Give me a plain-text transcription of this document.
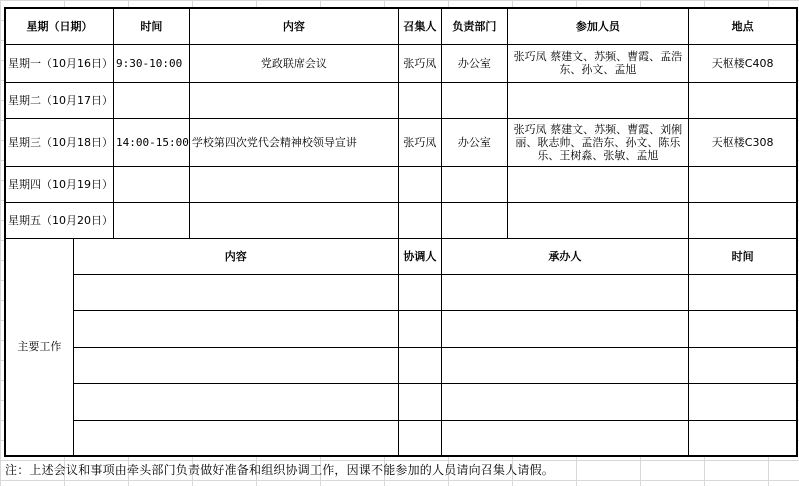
星期（日期）		时间	内容	召集人	负责部门	参加人员	地点
星期一（10月16日）		9:30-10:00	党政联席会议	张巧凤	办公室	张巧凤 蔡建文、苏频、曹霞、孟浩东、孙文、孟旭	天枢楼C408
星期二（10月17日）							
星期三（10月18日）		14:00-15:00	学校第四次党代会精神校领导宣讲	张巧凤	办公室	张巧凤 蔡建文、苏频、曹霞、刘俐丽、耿志帅、孟浩东、孙文、陈乐乐、王树淼、张敏、孟旭	天枢楼C308
星期四（10月19日）							
星期五（10月20日）							
主要工作	内容			协调人	承办人		时间

注：上述会议和事项由牵头部门负责做好准备和组织协调工作，因课不能参加的人员请向召集人请假。
